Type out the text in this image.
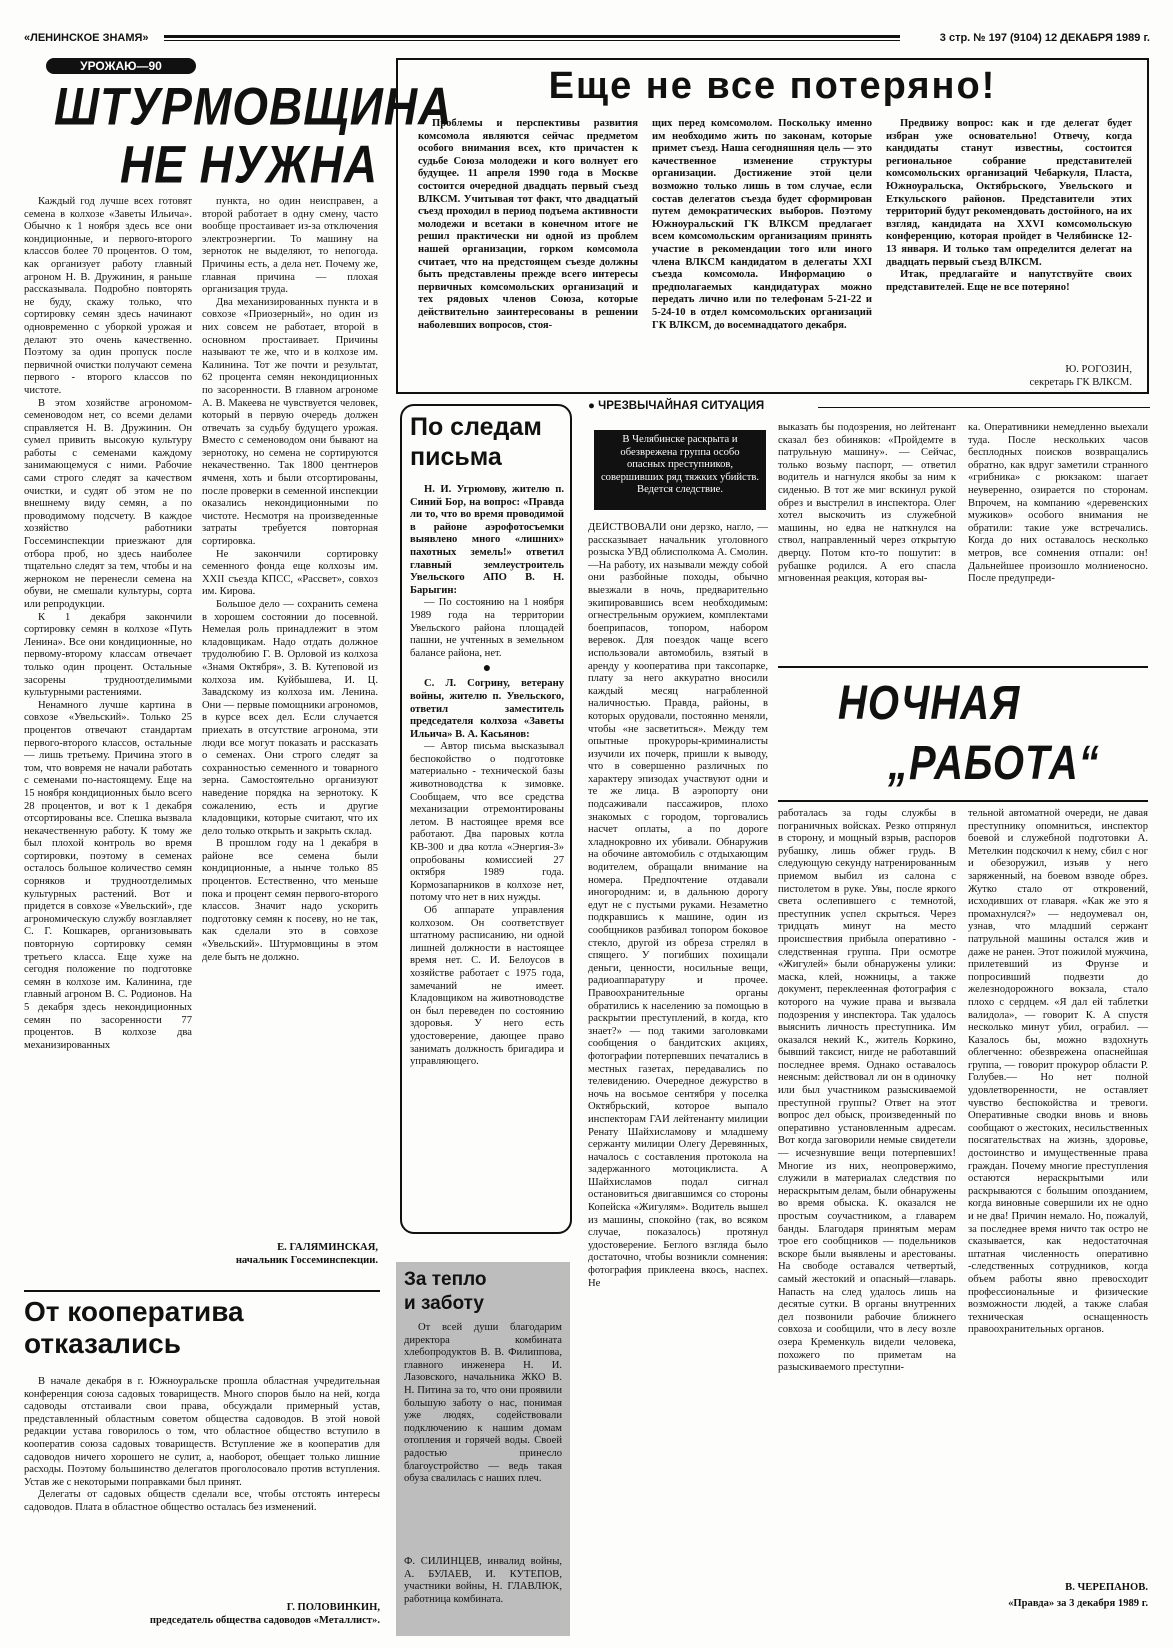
«ЛЕНИНСКОЕ ЗНАМЯ»	3 стр. № 197 (9104) 12 ДЕКАБРЯ 1989 г.
УРОЖАЮ—90
ШТУРМОВЩИНА
НЕ НУЖНА

Каждый год лучше всех готовят семена в колхозе «Заветы Ильича». Обычно к 1 ноября здесь все они кондиционные, и первого-второго классов более 70 процентов. О том, как организует работу главный агроном Н. В. Дружинин, я раньше рассказывала. Подробно повторять не буду, скажу только, что сортировку семян здесь начинают одновременно с уборкой урожая и делают это очень качественно. Поэтому за один пропуск после первичной очистки получают семена первого - второго классов по чистоте.

В этом хозяйстве агрономом-семеноводом нет, со всеми делами справляется Н. В. Дружинин. Он сумел привить высокую культуру работы с семенами каждому занимающемуся с ними. Рабочие сами строго следят за качеством очистки, и судят об этом не по внешнему виду семян, а по проводимому подсчету. В каждое хозяйство работники Госсеминспекции приезжают для отбора проб, но здесь наиболее тщательно следят за тем, чтобы и на жерноком не перенесли семена на обуви, не смешали культуры, сорта или репродукции.

К 1 декабря закончили сортировку семян в колхозе «Путь Ленина». Все они кондиционные, но первому-второму классам отвечает только один процент. Остальные засорены трудноотделимыми культурными растениями.

Ненамного лучше картина в совхозе «Увельский». Только 25 процентов отвечают стандартам первого-второго классов, остальные — лишь третьему. Причина этого в том, что вовремя не начали работать с семенами по-настоящему. Еще на 15 ноября кондиционных было всего 28 процентов, и вот к 1 декабря отсортированы все. Спешка вызвала некачественную работу. К тому же был плохой контроль во время сортировки, поэтому в семенах осталось большое количество семян сорняков и трудноотделимых культурных растений. Вот и придется в совхозе «Увельский», где агрономическую службу возглавляет С. Г. Кошкарев, организовывать повторную сортировку семян третьего класса. Еще хуже на сегодня положение по подготовке семян в колхозе им. Калинина, где главный агроном В. С. Родионов. На 5 декабря здесь некондиционных семян по засоренности 77 процентов. В колхозе два механизированных

пункта, но один неисправен, а второй работает в одну смену, часто вообще простаивает из-за отключения электроэнергии. То машину на зерноток не выделяют, то непогода. Причины есть, а дела нет. Почему же, главная причина — плохая организация труда.

Два механизированных пункта и в совхозе «Приозерный», но один из них совсем не работает, второй в основном простаивает. Причины называют те же, что и в колхозе им. Калинина. Тот же почти и результат, 62 процента семян некондиционных по засоренности. В главном агрономе А. В. Макеева не чувствуется человек, который в первую очередь должен отвечать за судьбу будущего урожая. Вместо с семеноводом они бывают на зернотоку, но семена не сортируются некачественно. Так 1800 центнеров ячменя, хоть и были отсортированы, после проверки в семенной инспекции оказались некондиционными по чистоте. Несмотря на произведенные затраты требуется повторная сортировка.

Не закончили сортировку семенного фонда еще колхозы им. XXII съезда КПСС, «Рассвет», совхоз им. Кирова.

Большое дело — сохранить семена в хорошем состоянии до посевной. Немелая роль принадлежит в этом кладовщикам. Надо отдать должное трудолюбию Г. В. Орловой из колхоза «Знамя Октября», З. В. Кутеповой из колхоза им. Куйбышева, И. Ц. Завадскому из колхоза им. Ленина. Они — первые помощники агрономов, в курсе всех дел. Если случается приехать в отсутствие агронома, эти люди все могут показать и рассказать о семенах. Они строго следят за сохранностью семенного и товарного зерна. Самостоятельно организуют наведение порядка на зернотоку. К сожалению, есть и другие кладовщики, которые считают, что их дело только открыть и закрыть склад.

В прошлом году на 1 декабря в районе все семена были кондиционные, а нынче только 85 процентов. Естественно, что меньше пока и процент семян первого-второго классов. Значит надо ускорить подготовку семян к посеву, но не так, как сделали это в совхозе «Увельский». Штурмовщины в этом деле быть не должно.

Е. ГАЛЯМИНСКАЯ,
начальник Госсеминспекции.
От кооператива
отказались

В начале декабря в г. Южноуральске прошла областная учредительная конференция союза садовых товариществ. Много споров было на ней, когда садоводы отстаивали свои права, обсуждали примерный устав, представленный областным советом общества садоводов. В этой новой редакции устава говорилось о том, что областное общество вступило в кооператив союза садовых товариществ. Вступление же в кооператив для садоводов ничего хорошего не сулит, а, наоборот, обещает только лишние расходы. Поэтому большинство делегатов проголосовало против вступления. Устав же с некоторыми поправками был принят.

Делегаты от садовых обществ сделали все, чтобы отстоять интересы садоводов. Плата в областное общество осталась без изменений.

Г. ПОЛОВИНКИН,
председатель общества садоводов «Металлист».
Еще не все потеряно!
Проблемы и перспективы развития комсомола являются сейчас предметом особого внимания всех, кто причастен к судьбе Союза молодежи и кого волнует его будущее. 11 апреля 1990 года в Москве состоится очередной двадцать первый съезд ВЛКСМ. Учитывая тот факт, что двадцатый съезд проходил в период подъема активности молодежи и всетаки в конечном итоге не решил практически ни одной из проблем нашей организации, горком комсомола считает, что на предстоящем съезде должны быть представлены прежде всего интересы первичных комсомольских организаций и тех рядовых членов Союза, которые действительно заинтересованы в решении наболевших вопросов, стоя-
щих перед комсомолом. Поскольку именно им необходимо жить по законам, которые примет съезд. Наша сегодняшняя цель — это качественное изменение структуры организации. Достижение этой цели возможно только лишь в том случае, если состав делегатов съезда будет сформирован путем демократических выборов. Поэтому Южноуральский ГК ВЛКСМ предлагает всем комсомольским организациям принять участие в рекомендации того или иного члена ВЛКСМ кандидатом в делегаты XXI съезда комсомола. Информацию о предполагаемых кандидатурах можно передать лично или по телефонам 5-21-22 и 5-24-10 в отдел комсомольских организаций ГК ВЛКСМ, до восемнадцатого декабря.

Предвижу вопрос: как и где делегат будет избран уже основательно! Отвечу, когда кандидаты станут известны, состоится региональное собрание представителей комсомольских организаций Чебаркуля, Пласта, Южноуральска, Октябрьского, Увельского и Еткульского районов. Представители этих территорий будут рекомендовать достойного, на их взгляд, кандидата на XXVI комсомольскую конференцию, которая пройдет в Челябинске 12-13 января. И только там определится делегат на двадцать первый съезд ВЛКСМ.

Итак, предлагайте и напутствуйте своих представителей. Еще не все потеряно!

Ю. РОГОЗИН,
секретарь ГК ВЛКСМ.
По следам
письма

Н. И. Угрюмову, жителю п. Синий Бор, на вопрос: «Правда ли то, что во время проводимой в районе аэрофотосъемки выявлено много «лишних» пахотных земель!» ответил главный землеустроитель Увельского АПО В. Н. Барыгин:

— По состоянию на 1 ноября 1989 года на территории Увельского района площадей пашни, не учтенных в земельном балансе района, нет.

●

С. Л. Согрину, ветерану войны, жителю п. Увельского, ответил заместитель председателя колхоза «Заветы Ильича» В. А. Касьянов:

— Автор письма высказывал беспокойство о подготовке материально - технической базы животноводства к зимовке. Сообщаем, что все средства механизации отремонтированы летом. В настоящее время все работают. Два паровых котла КВ-300 и два котла «Энергия-3» опробованы комиссией 27 октября 1989 года. Кормозапарников в колхозе нет, потому что нет в них нужды.

Об аппарате управления колхозом. Он соответствует штатному расписанию, ни одной лишней должности в настоящее время нет. С. И. Белоусов в хозяйстве работает с 1975 года, замечаний не имеет. Кладовщиком на животноводстве он был переведен по состоянию здоровья. У него есть удостоверение, дающее право занимать должность бригадира и управляющего.

За тепло
и заботу

От всей души благодарим директора комбината хлебопродуктов В. В. Филиппова, главного инженера Н. И. Лазовского, начальника ЖКО В. Н. Питина за то, что они проявили большую заботу о нас, понимая уже людях, содействовали подключению к нашим домам отопления и горячей воды. Своей радостью принесло благоустройство — ведь такая обуза свалилась с наших плеч.

Ф. СИЛИНЦЕВ, инвалид войны, А. БУЛАЕВ, И. КУТЕПОВ, участники войны, Н. ГЛАВЛЮК, работница комбината.
● ЧРЕЗВЫЧАЙНАЯ СИТУАЦИЯ
В Челябинске раскрыта и обезврежена группа особо опасных преступников, совершивших ряд тяжких убийств. Ведется следствие.

ДЕЙСТВОВАЛИ они дерзко, нагло, — рассказывает начальник уголовного розыска УВД облисполкома А. Смолин. —На работу, их называли между собой они разбойные походы, обычно выезжали в ночь, предварительно экипировавшись всем необходимым: огнестрельным оружием, комплектами боеприпасов, топором, набором веревок. Для поездок чаще всего использовали автомобиль, взятый в аренду у кооператива при таксопарке, плату за него аккуратно вносили каждый месяц награбленной наличностью. Правда, районы, в которых орудовали, постоянно меняли, чтобы «не засветиться». Между тем опытные прокуроры-криминалисты изучили их почерк, пришли к выводу, что в совершенно различных по характеру эпизодах участвуют одни и те же лица. В аэропорту они подсаживали пассажиров, плохо знакомых с городом, торговались насчет оплаты, а по дороге хладнокровно их убивали. Обнаружив на обочине автомобиль с отдыхающим водителем, обращали внимание на номера. Предпочтение отдавали иногородним: и, в дальнюю дорогу едут не с пустыми руками. Незаметно подкравшись к машине, один из сообщников разбивал топором боковое стекло, другой из обреза стрелял в спящего. У погибших похищали деньги, ценности, носильные вещи, радиоаппаратуру и прочее. Правоохранительные органы обратились к населению за помощью в раскрытии преступлений, в когда, кто знает?» — под такими заголовками сообщения о бандитских акциях, фотографии потерпевших печатались в местных газетах, передавались по телевидению. Очередное дежурство в ночь на восьмое сентября у поселка Октябрьский, которое выпало инспекторам ГАИ лейтенанту милиции Ренату Шайхисламову и младшему сержанту милиции Олегу Деревянных, началось с составления протокола на задержанного мотоциклиста. А Шайхисламов подал сигнал остановиться двигавшимся со стороны Копейска «Жигулям». Водитель вышел из машины, спокойно (так, во всяком случае, показалось) протянул удостоверение. Беглого взгляда было достаточно, чтобы возникли сомнения: фотография приклеена вкось, наспех. Не

выказать бы подозрения, но лейтенант сказал без обиняков: «Пройдемте в патрульную машину». — Сейчас, только возьму паспорт, — ответил водитель и нагнулся якобы за ним к сиденью. В тот же миг вскинул рукой обрез и выстрелил в инспектора. Олег хотел выскочить из служебной машины, но едва не наткнулся на ствол, направленный через открытую дверцу. Потом кто-то пошутит: в рубашке родился. А его спасла мгновенная реакция, которая вы-

ка. Оперативники немедленно выехали туда. После нескольких часов бесплодных поисков возвращались обратно, как вдруг заметили странного «грибника» с рюкзаком: шагает неуверенно, озирается по сторонам. Впрочем, на компанию «деревенских мужиков» особого внимания не обратили: такие уже встречались. Когда до них оставалось несколько метров, все сомнения отпали: он! Дальнейшее произошло молниеносно. После предупреди-

НОЧНАЯ
„РАБОТА“

работалась за годы службы в пограничных войсках. Резко отпрянул в сторону, и мощный взрыв, распоров рубашку, лишь обжег грудь. В следующую секунду натренированным приемом выбил из салона с пистолетом в руке. Увы, после яркого света ослепившего с темнотой, преступник успел скрыться. Через тридцать минут на место происшествия прибыла оперативно - следственная группа. При осмотре «Жигулей» были обнаружены улики: маска, клей, ножницы, а также документ, переклеенная фотография с которого на чужие права и вызвала подозрения у инспектора. Так удалось выяснить личность преступника. Им оказался некий К., житель Коркино, бывший таксист, нигде не работавший последнее время. Однако оставалось неясным: действовал ли он в одиночку или был участником разыскиваемой преступной группы? Ответ на этот вопрос дел обыск, произведенный по оперативно установленным адресам. Вот когда заговорили немые свидетели — исчезнувшие вещи потерпевших! Многие из них, неопровержимо, служили в материалах следствия по нераскрытым делам, были обнаружены во время обыска. К. оказался не простым соучастником, а главарем банды. Благодаря принятым мерам трое его сообщников — подельников вскоре были выявлены и арестованы. На свободе оставался четвертый, самый жестокий и опасный—главарь. Напасть на след удалось лишь на десятые сутки. В органы внутренних дел позвонили рабочие ближнего совхоза и сообщили, что в лесу возле озера Кременкуль видели человека, похожего по приметам на разыскиваемого преступни-

тельной автоматной очереди, не давая преступнику опомниться, инспектор боевой и служебной подготовки А. Метелкин подскочил к нему, сбил с ног и обезоружил, изъяв у него заряженный, на боевом взводе обрез. Жутко стало от откровений, исходивших от главаря. «Как же это я промахнулся?» — недоумевал он, узнав, что младший сержант патрульной машины остался жив и даже не ранен. Этот пожилой мужчина, прилетевший из Фрунзе и попросивший подвезти до железнодорожного вокзала, стало плохо с сердцем. «Я дал ей таблетки валидола», — говорит К. А спустя несколько минут убил, ограбил. — Казалось бы, можно вздохнуть облегченно: обезврежена опаснейшая группа, — говорит прокурор области Р. Голубев.— Но нет полной удовлетворенности, не оставляет чувство беспокойства и тревоги. Оперативные сводки вновь и вновь сообщают о жестоких, несильственных посягательствах на жизнь, здоровье, достоинство и имущественные права граждан. Почему многие преступления остаются нераскрытыми или раскрываются с большим опозданием, когда виновные совершили их не одно и не два! Причин немало. Но, пожалуй, за последнее время ничто так остро не сказывается, как недостаточная штатная численность оперативно -следственных сотрудников, когда объем работы явно превосходит профессиональные и физические возможности людей, а также слабая техническая оснащенность правоохранительных органов.

В. ЧЕРЕПАНОВ.
«Правда» за 3 декабря 1989 г.
